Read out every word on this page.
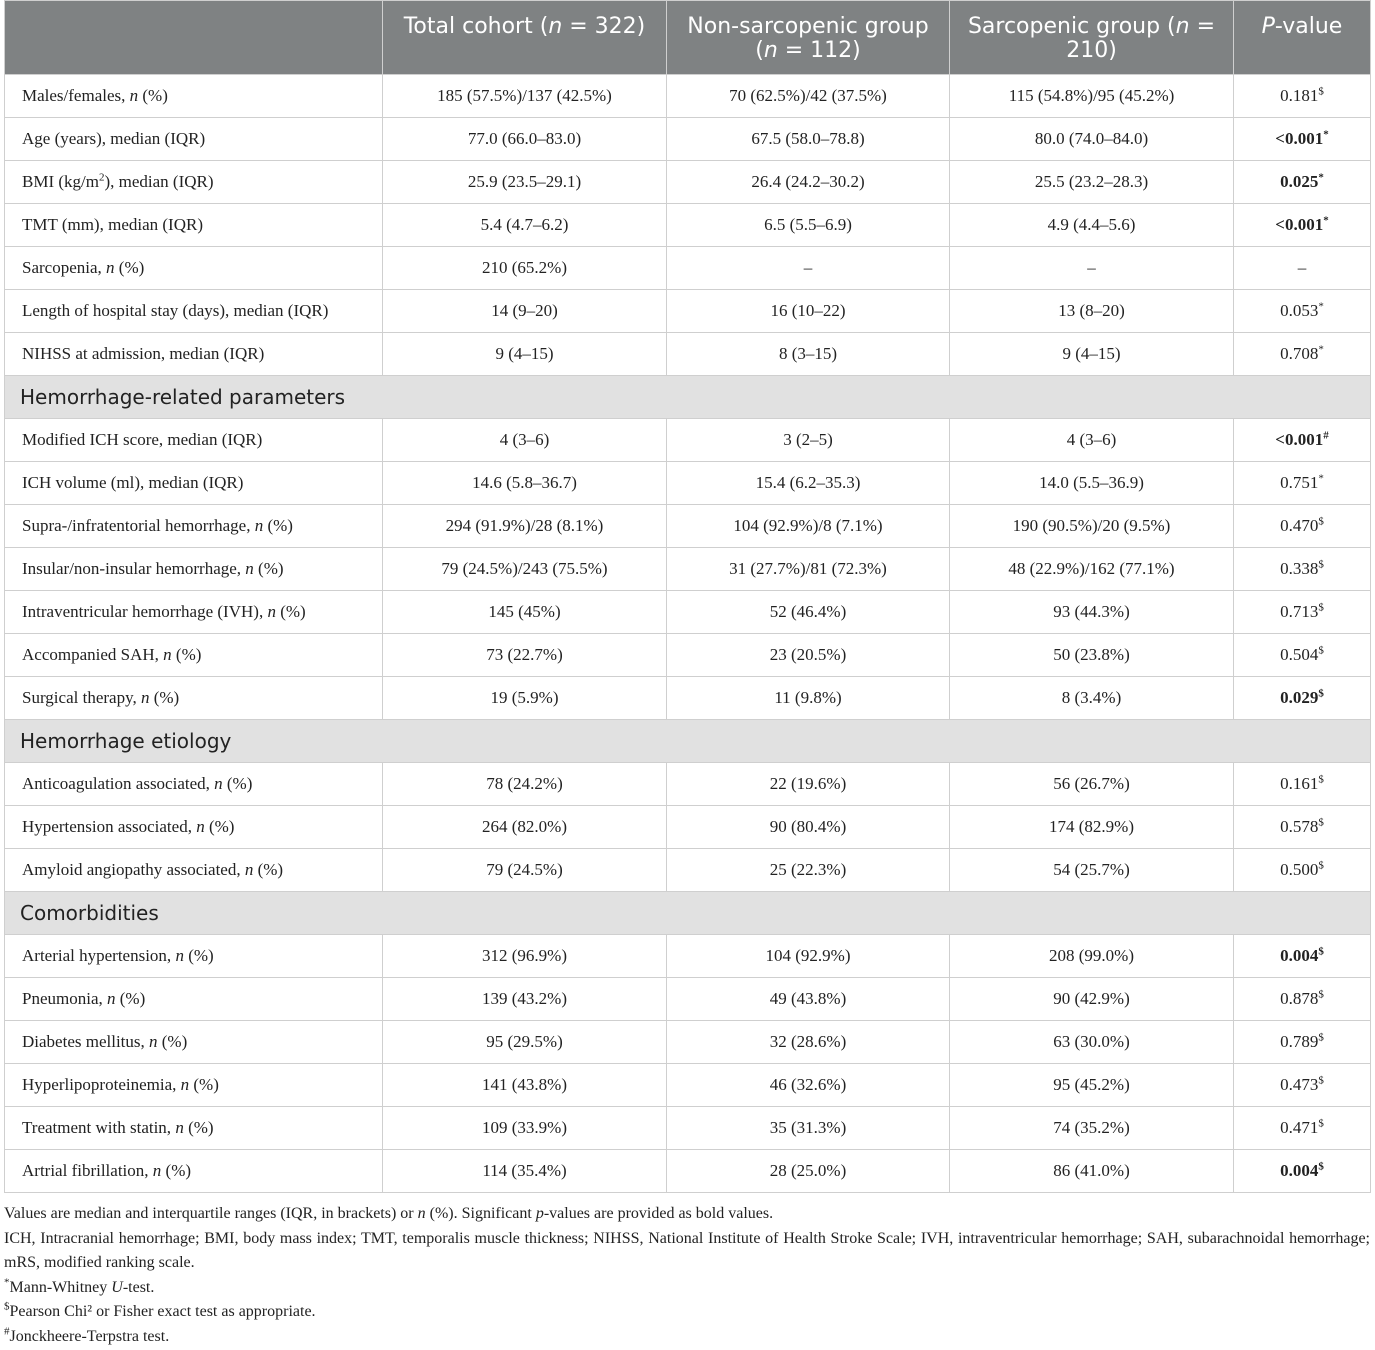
	Total cohort (n = 322)	Non-sarcopenic group (n = 112)	Sarcopenic group (n = 210)	P-value
Males/females, n (%)	185 (57.5%)/137 (42.5%)	70 (62.5%)/42 (37.5%)	115 (54.8%)/95 (45.2%)	0.181$
Age (years), median (IQR)	77.0 (66.0–83.0)	67.5 (58.0–78.8)	80.0 (74.0–84.0)	<0.001*
BMI $(kg/m^2)$, median (IQR)	25.9 (23.5–29.1)	26.4 (24.2–30.2)	25.5 (23.2–28.3)	0.025*
TMT (mm), median (IQR)	5.4 (4.7–6.2)	6.5 (5.5–6.9)	4.9 (4.4–5.6)	<0.001*
Sarcopenia, n (%)	210 (65.2%)	–	–	–
Length of hospital stay (days), median (IQR)	14 (9–20)	16 (10–22)	13 (8–20)	0.053*
NIHSS at admission, median (IQR)	9 (4–15)	8 (3–15)	9 (4–15)	0.708*
Hemorrhage-related parameters				
Modified ICH score, median (IQR)	4 (3–6)	3 (2–5)	4 (3–6)	<0.001#
ICH volume (ml), median (IQR)	14.6 (5.8–36.7)	15.4 (6.2–35.3)	14.0 (5.5–36.9)	0.751*
Supra-/infratentorial hemorrhage, n (%)	294 (91.9%)/28 (8.1%)	104 (92.9%)/8 (7.1%)	190 (90.5%)/20 (9.5%)	0.470$
Insular/non-insular hemorrhage, n (%)	79 (24.5%)/243 (75.5%)	31 (27.7%)/81 (72.3%)	48 (22.9%)/162 (77.1%)	0.338$
Intraventricular hemorrhage (IVH), n (%)	145 (45%)	52 (46.4%)	93 (44.3%)	0.713$
Accompanied SAH, n (%)	73 (22.7%)	23 (20.5%)	50 (23.8%)	0.504$
Surgical therapy, n (%)	19 (5.9%)	11 (9.8%)	8 (3.4%)	0.029$
Hemorrhage etiology				
Anticoagulation associated, n (%)	78 (24.2%)	22 (19.6%)	56 (26.7%)	0.161$
Hypertension associated, n (%)	264 (82.0%)	90 (80.4%)	174 (82.9%)	0.578$
Amyloid angiopathy associated, n (%)	79 (24.5%)	25 (22.3%)	54 (25.7%)	0.500$
Comorbidities				
Arterial hypertension, n (%)	312 (96.9%)	104 (92.9%)	208 (99.0%)	0.004$
Pneumonia, n (%)	139 (43.2%)	49 (43.8%)	90 (42.9%)	0.878$
Diabetes mellitus, n (%)	95 (29.5%)	32 (28.6%)	63 (30.0%)	0.789$
Hyperlipoproteinemia, n (%)	141 (43.8%)	46 (32.6%)	95 (45.2%)	0.473$
Treatment with statin, n (%)	109 (33.9%)	35 (31.3%)	74 (35.2%)	0.471$
Artrial fibrillation, n (%)	114 (35.4%)	28 (25.0%)	86 (41.0%)	0.004$

Values are median and interquartile ranges (IQR, in brackets) or n (%). Significant p-values are provided as bold values.

ICH, Intracranial hemorrhage; BMI, body mass index; TMT, temporalis muscle thickness; NIHSS, National Institute of Health Stroke Scale; IVH, intraventricular hemorrhage; SAH, subarachnoidal hemorrhage; mRS, modified ranking scale.

*Mann-Whitney U-test.

$Pearson Chi² or Fisher exact test as appropriate.

#Jonckheere-Terpstra test.
